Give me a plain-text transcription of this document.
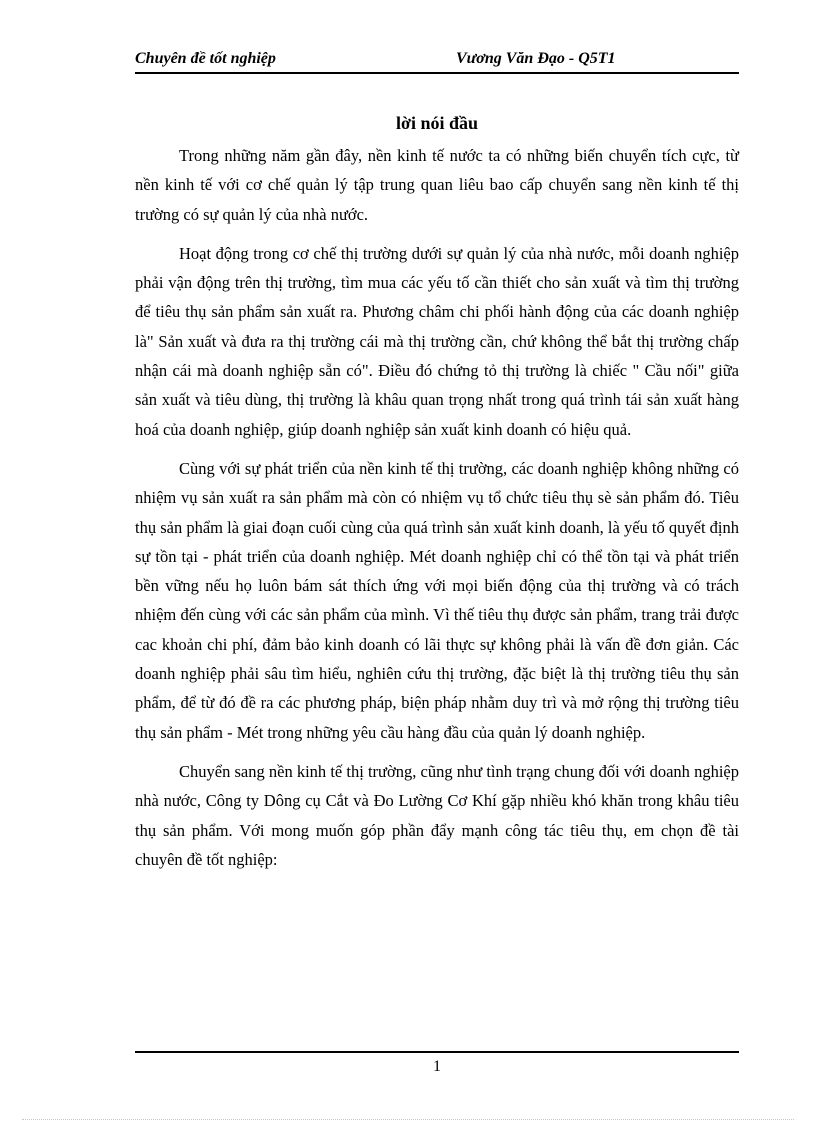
Chuyên đề tốt nghiệp	Vương Văn Đạo - Q5T1
lời nói đầu

Trong những năm gần đây, nền kinh tế nước ta có những biến chuyển tích cực, từ nền kinh tế với cơ chế quản lý tập trung quan liêu bao cấp chuyển sang nền kinh tế thị trường có sự quản lý của nhà nước.

Hoạt động trong cơ chế thị trường dưới sự quản lý của nhà nước, mỗi doanh nghiệp phải vận động trên thị trường, tìm mua các yếu tố cần thiết cho sản xuất và tìm thị trường để tiêu thụ sản phẩm sản xuất ra. Phương châm chi phối hành động của các doanh nghiệp là" Sản xuất và đưa ra thị trường cái mà thị trường cần, chứ không thể bắt thị trường chấp nhận cái mà doanh nghiệp sẵn có". Điều đó chứng tỏ thị trường là chiếc " Cầu nối" giữa sản xuất và tiêu dùng, thị trường là khâu quan trọng nhất trong quá trình tái sản xuất hàng hoá của doanh nghiệp, giúp doanh nghiệp sản xuất kinh doanh có hiệu quả.

Cùng với sự phát triển của nền kinh tế thị trường, các doanh nghiệp không những có nhiệm vụ sản xuất ra sản phẩm mà còn có nhiệm vụ tổ chức tiêu thụ sè sản phẩm đó. Tiêu thụ sản phẩm là giai đoạn cuối cùng của quá trình sản xuất kinh doanh, là yếu tố quyết định sự tồn tại - phát triển của doanh nghiệp. Mét doanh nghiệp chỉ có thể tồn tại và phát triển bền vững nếu họ luôn bám sát thích ứng với mọi biến động của thị trường và có trách nhiệm đến cùng với các sản phẩm của mình. Vì thế tiêu thụ được sản phẩm, trang trải được cac khoản chi phí, đảm bảo kinh doanh có lãi thực sự không phải là vấn đề đơn giản. Các doanh nghiệp phải sâu tìm hiểu, nghiên cứu thị trường, đặc biệt là thị trường tiêu thụ sản phẩm, để từ đó đề ra các phương pháp, biện pháp nhằm duy trì và mở rộng thị trường tiêu thụ sản phẩm - Mét trong những yêu cầu hàng đầu của quản lý doanh nghiệp.

Chuyển sang nền kinh tế thị trường, cũng như tình trạng chung đối với doanh nghiệp nhà nước, Công ty Dông cụ Cắt và Đo Lường Cơ Khí gặp nhiều khó khăn trong khâu tiêu thụ sản phẩm. Với mong muốn góp phần đẩy mạnh công tác tiêu thụ, em chọn đề tài chuyên đề tốt nghiệp:

1
